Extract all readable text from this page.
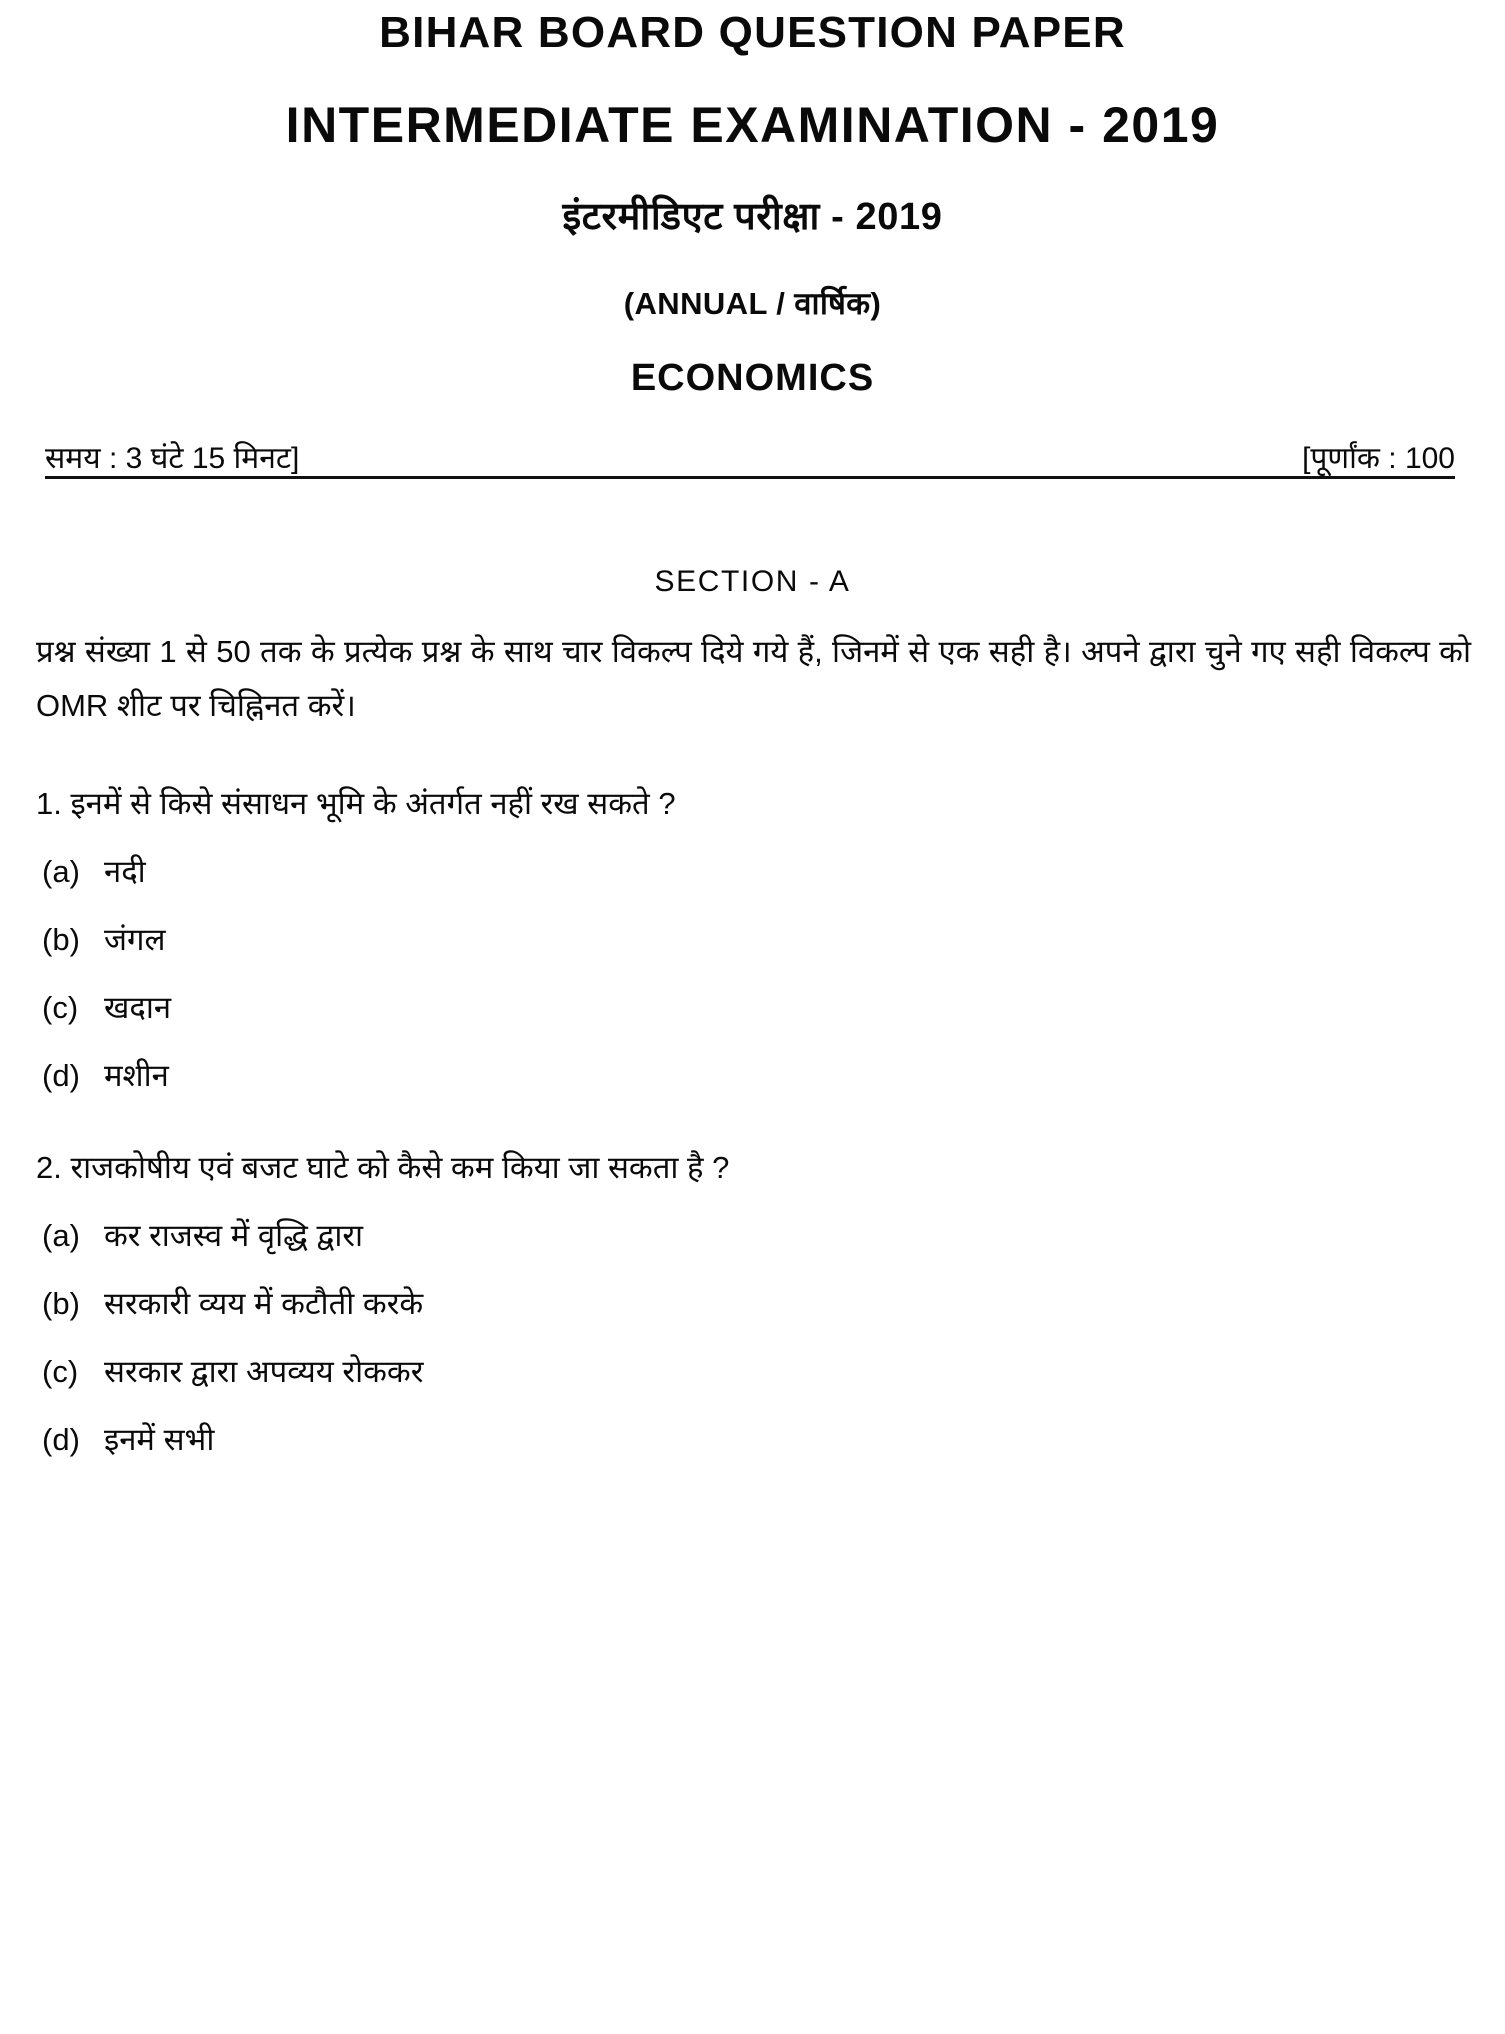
BIHAR BOARD QUESTION PAPER
INTERMEDIATE EXAMINATION - 2019
इंटरमीडिएट परीक्षा - 2019
(ANNUAL / वार्षिक)
ECONOMICS
समय : 3 घंटे 15 मिनट]	[पूर्णांक : 100
SECTION - A
प्रश्न संख्या 1 से 50 तक के प्रत्येक प्रश्न के साथ चार विकल्प दिये गये हैं, जिनमें से एक सही है। अपने द्वारा चुने गए सही विकल्प को OMR शीट पर चिह्निनत करें।
1. इनमें से किसे संसाधन भूमि के अंतर्गत नहीं रख सकते ?
(a) नदी
(b) जंगल
(c) खदान
(d) मशीन
2. राजकोषीय एवं बजट घाटे को कैसे कम किया जा सकता है ?
(a) कर राजस्व में वृद्धि द्वारा
(b) सरकारी व्यय में कटौती करके
(c) सरकार द्वारा अपव्यय रोककर
(d) इनमें सभी
